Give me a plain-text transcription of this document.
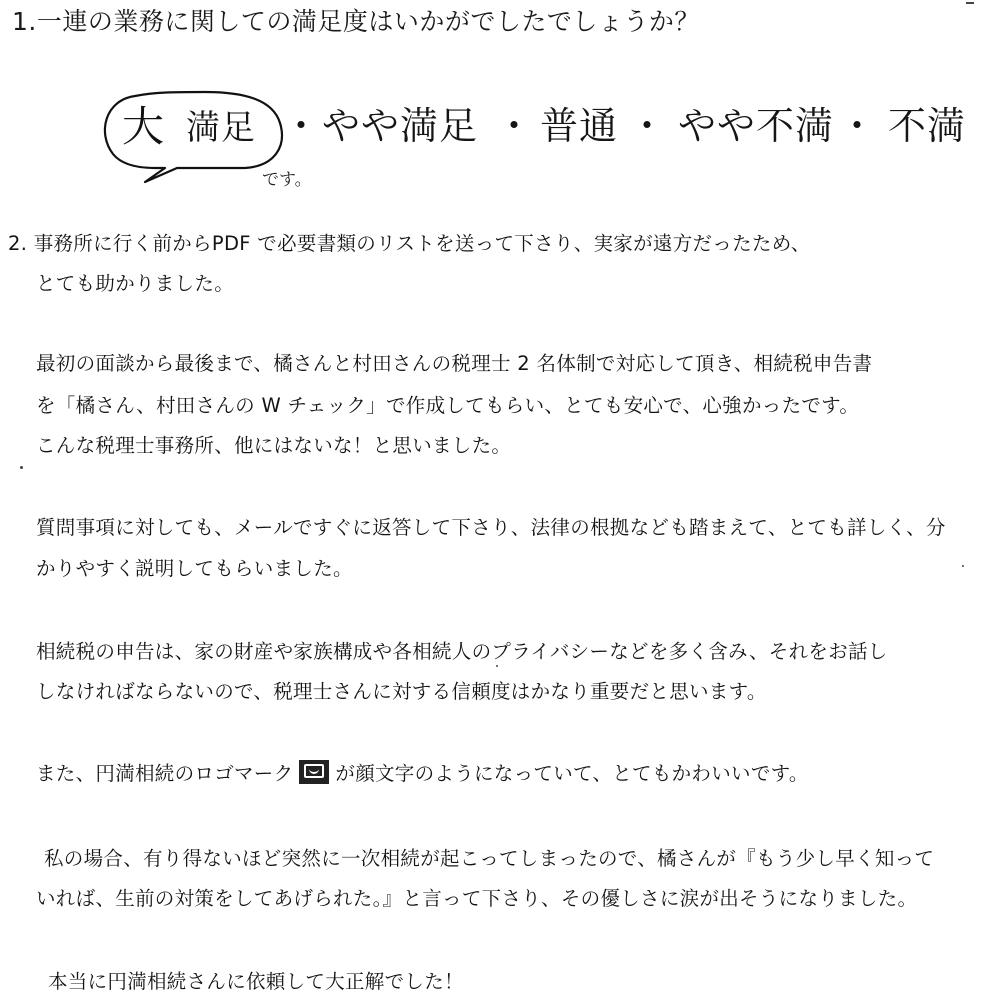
1.一連の業務に関しての満足度はいかがでしたでしょうか？
大 満足 ・ やや満足 ・ 普通 ・ やや不満 ・ 不満
です。
2. 事務所に行く前からPDF で必要書類のリストを送って下さり、実家が遠方だったため、
とても助かりました。
最初の面談から最後まで、橘さんと村田さんの税理士 2 名体制で対応して頂き、相続税申告書
を「橘さん、村田さんの W チェック」で作成してもらい、とても安心で、心強かったです。
こんな税理士事務所、他にはないな！と思いました。
質問事項に対しても、メールですぐに返答して下さり、法律の根拠なども踏まえて、とても詳しく、分
かりやすく説明してもらいました。
相続税の申告は、家の財産や家族構成や各相続人のプライバシーなどを多く含み、それをお話し
しなければならないので、税理士さんに対する信頼度はかなり重要だと思います。
また、円満相続のロゴマーク が顔文字のようになっていて、とてもかわいいです。
私の場合、有り得ないほど突然に一次相続が起こってしまったので、橘さんが『もう少し早く知って
いれば、生前の対策をしてあげられた。』と言って下さり、その優しさに涙が出そうになりました。
本当に円満相続さんに依頼して大正解でした！
